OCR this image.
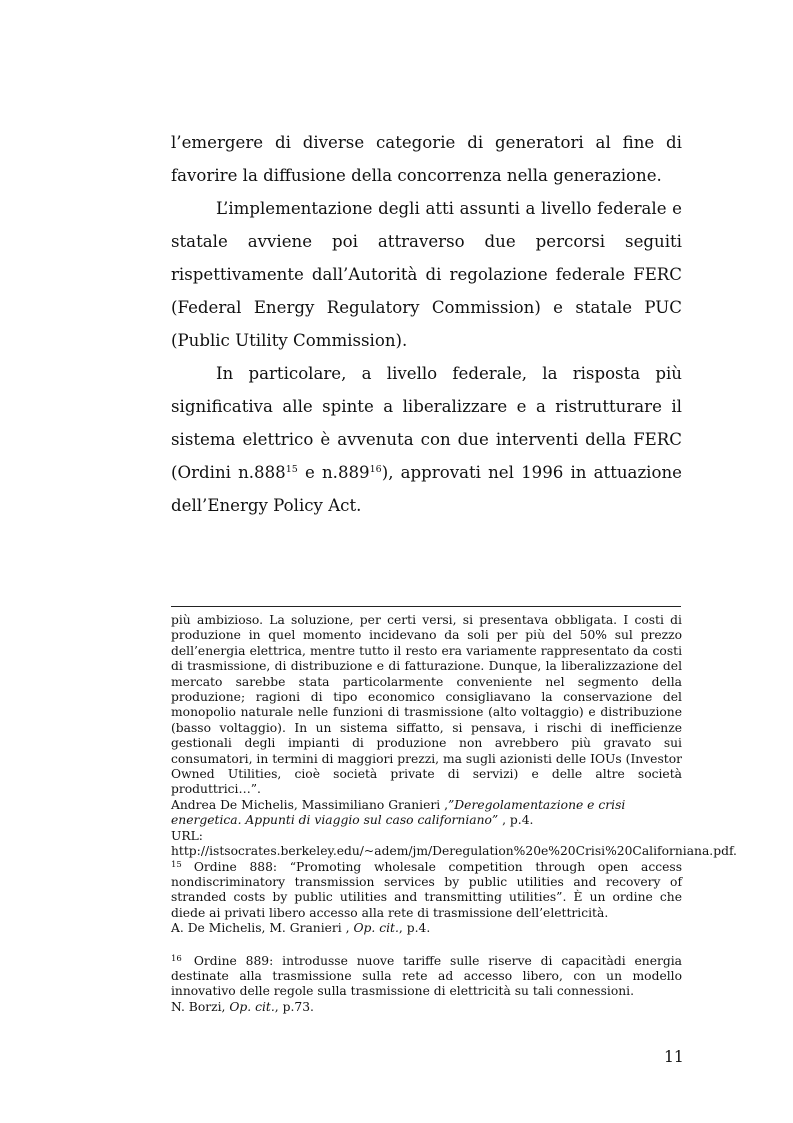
l’emergere di diverse categorie di generatori al fine di favorire la diffusione della concorrenza nella generazione.

L’implementazione degli atti assunti a livello federale e statale avviene poi attraverso due percorsi seguiti rispettivamente dall’Autorità di regolazione federale FERC (Federal Energy Regulatory Commission) e statale PUC (Public Utility Commission).

In particolare, a livello federale, la risposta più significativa alle spinte a liberalizzare e a ristrutturare il sistema elettrico è avvenuta con due interventi della FERC (Ordini n.888$^{15}$ e n.889$^{16}$), approvati nel 1996 in attuazione dell’Energy Policy Act.

più ambizioso. La soluzione, per certi versi, si presentava obbligata. I costi di produzione in quel momento incidevano da soli per più del 50% sul prezzo dell’energia elettrica, mentre tutto il resto era variamente rappresentato da costi di trasmissione, di distribuzione e di fatturazione. Dunque, la liberalizzazione del mercato sarebbe stata particolarmente conveniente nel segmento della produzione; ragioni di tipo economico consigliavano la conservazione del monopolio naturale nelle funzioni di trasmissione (alto voltaggio) e distribuzione (basso voltaggio). In un sistema siffatto, si pensava, i rischi di inefficienze gestionali degli impianti di produzione non avrebbero più gravato sui consumatori, in termini di maggiori prezzi, ma sugli azionisti delle IOUs (Investor Owned Utilities, cioè società private di servizi) e delle altre società produttrici…”.

Andrea De Michelis, Massimiliano Granieri ,”Deregolamentazione e crisi energetica. Appunti di viaggio sul caso californiano” , p.4.

URL:

http://istsocrates.berkeley.edu/~adem/jm/Deregulation%20e%20Crisi%20Californiana.pdf.

$^{15}$ Ordine 888: “Promoting wholesale competition through open access nondiscriminatory transmission services by public utilities and recovery of stranded costs by public utilities and transmitting utilities”. È un ordine che diede ai privati libero accesso alla rete di trasmissione dell’elettricità.

A. De Michelis, M. Granieri , Op. cit., p.4.

$^{16}$ Ordine 889: introdusse nuove tariffe sulle riserve di capacitàdi energia destinate alla trasmissione sulla rete ad accesso libero, con un modello innovativo delle regole sulla trasmissione di elettricità su tali connessioni.

N. Borzi, Op. cit., p.73.

11
